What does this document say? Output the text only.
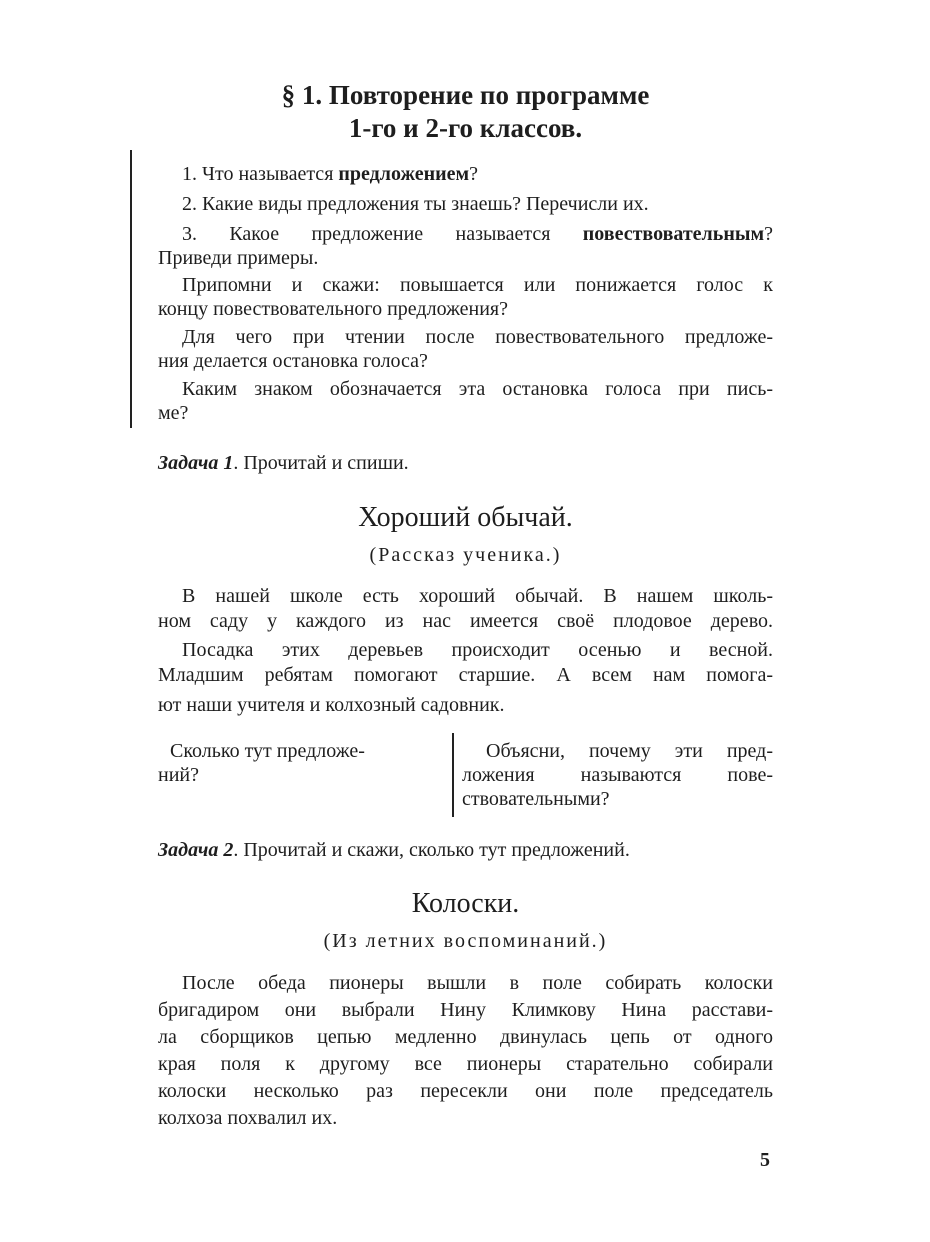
§ 1. Повторение по программе
1-го и 2-го классов.
1. Что называется предложением?
2. Какие виды предложения ты знаешь? Перечисли их.
3. Какое предложение называется повествовательным?
Приведи примеры.
Припомни и скажи: повышается или понижается голос к
концу повествовательного предложения?
Для чего при чтении после повествовательного предложе-
ния делается остановка голоса?
Каким знаком обозначается эта остановка голоса при пись-
ме?
Задача 1. Прочитай и спиши.
Хороший обычай.
(Рассказ ученика.)
В нашей школе есть хороший обычай. В нашем школь-
ном саду у каждого из нас имеется своё плодовое дерево.
Посадка этих деревьев происходит осенью и весной.
Младшим ребятам помогают старшие. А всем нам помога-
ют наши учителя и колхозный садовник.
Сколько тут предложе-
ний?
Объясни, почему эти пред-
ложения называются пове-
ствовательными?
Задача 2. Прочитай и скажи, сколько тут предложений.
Колоски.
(Из летних воспоминаний.)
После обеда пионеры вышли в поле собирать колоски
бригадиром они выбрали Нину Климкову Нина расстави-
ла сборщиков цепью медленно двинулась цепь от одного
края поля к другому все пионеры старательно собирали
колоски несколько раз пересекли они поле председатель
колхоза похвалил их.
5
